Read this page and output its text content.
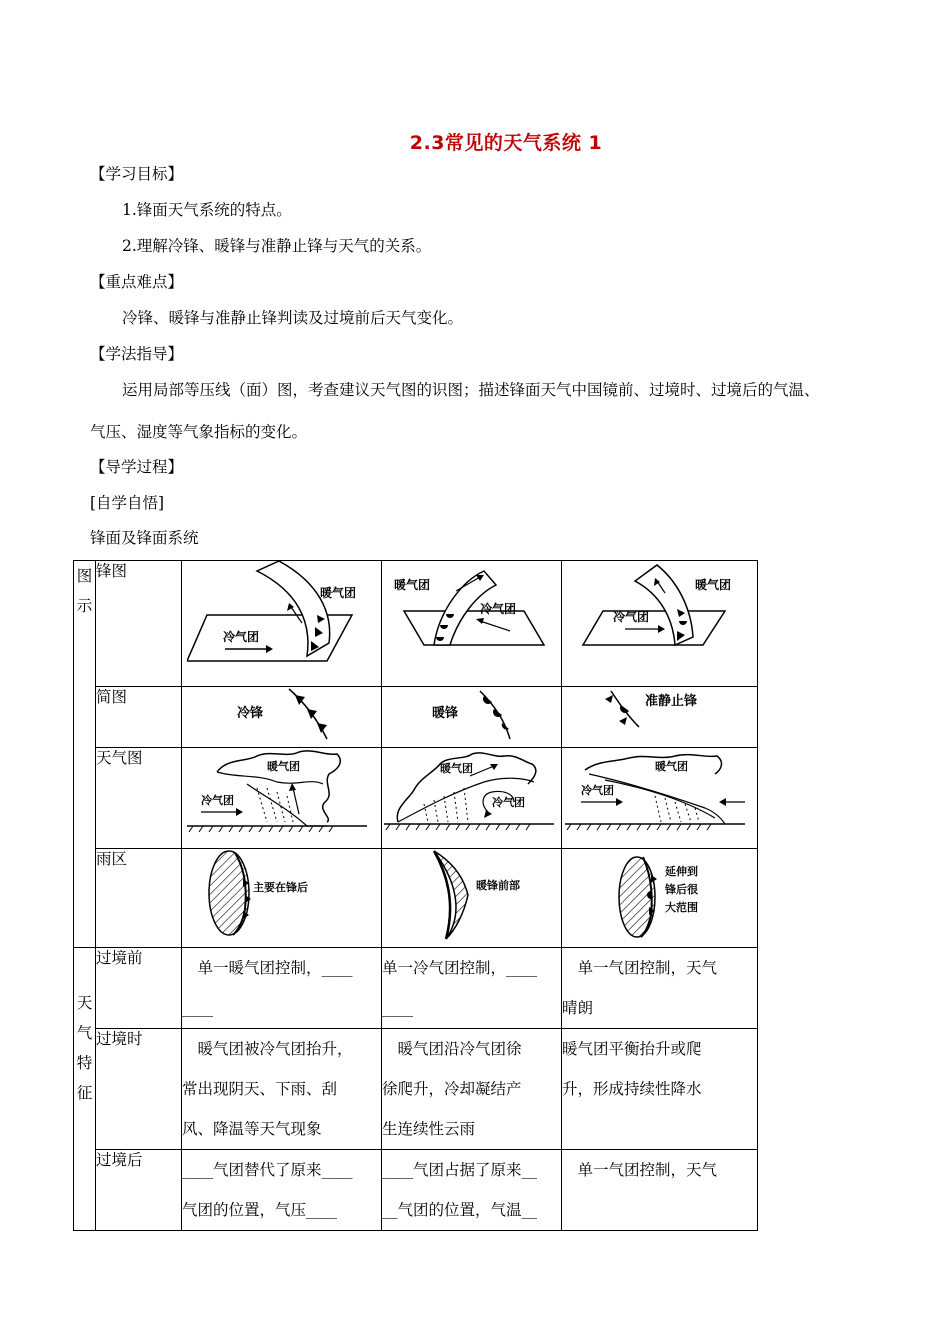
2.3常见的天气系统 1
【学习目标】
1.锋面天气系统的特点。
2.理解冷锋、暖锋与准静止锋与天气的关系。
【重点难点】
冷锋、暖锋与准静止锋判读及过境前后天气变化。
【学法指导】
运用局部等压线（面）图，考查建议天气图的识图；描述锋面天气中国镜前、过境时、过境后的气温、
气压、湿度等气象指标的变化。
【导学过程】
[自学自悟]
锋面及锋面系统
图示	锋图	暖气团
冷气团	暖气团
冷气团	暖气团
冷气团

	简图	冷锋	暖锋	准静止锋

	天气图	暖气团
冷气团	暖气团
冷气团	暖气团
冷气团

	雨区	主要在锋后	暖锋前部	延伸到
锋后很
大范围

天气特征	过境前	　单一暖气团控制，____
____	单一冷气团控制，____
____	　单一气团控制，天气
晴朗

	过境时	　暖气团被冷气团抬升，
常出现阴天、下雨、刮
风、降温等天气现象	　暖气团沿冷气团徐
徐爬升，冷却凝结产
生连续性云雨	暖气团平衡抬升或爬
升，形成持续性降水

	过境后	____气团替代了原来____
气团的位置，气压____	____气团占据了原来__
__气团的位置，气温__	　单一气团控制，天气
